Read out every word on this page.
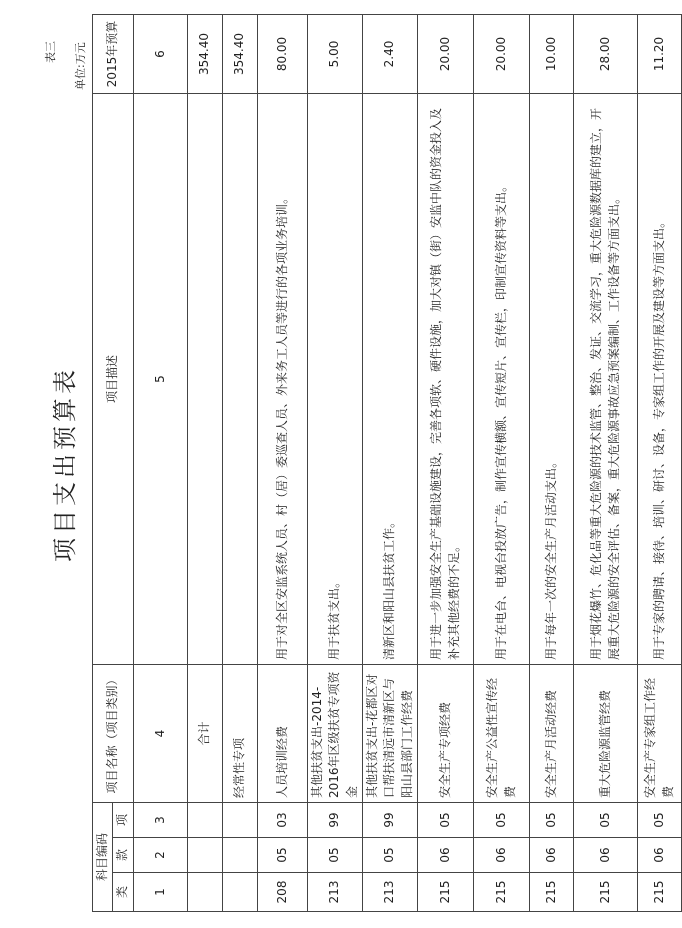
表三
项目支出预算表
单位:万元
科目编码			项目名称（项目类别）	项目描述	2015年预算
类	款	项			
1	2	3	4	5	6
			合计		354.40
			经常性专项		354.40
208	05	03	人员培训经费	用于对全区安监系统人员、村（居）委巡查人员、外来务工人员等进行的各项业务培训。	80.00
213	05	99	其他扶贫支出-2014-2016年区级扶贫专项资金	用于扶贫支出。	5.00
213	05	99	其他扶贫支出-花都区对口帮扶清远市清新区与阳山县部门工作经费	清新区和阳山县扶贫工作。	2.40
215	06	05	安全生产专项经费	用于进一步加强安全生产基础设施建设，完善各项软、硬件设施，加大对镇（街）安监中队的资金投入及补充其他经费的不足。	20.00
215	06	05	安全生产公益性宣传经费	用于在电台、电视台投放广告，制作宣传横额、宣传短片、宣传栏，印制宣传资料等支出。	20.00
215	06	05	安全生产月活动经费	用于每年一次的安全生产月活动支出。	10.00
215	06	05	重大危险源监管经费	用于烟花爆竹、危化品等重大危险源的技术监管、整治、发证、交流学习，重大危险源数据库的建立，开展重大危险源的安全评估、备案，重大危险源事故应急预案编制、工作设备等方面支出。	28.00
215	06	05	安全生产专家组工作经费	用于专家的聘请、接待、培训、研讨、设备，专家组工作的开展及建设等方面支出。	11.20
